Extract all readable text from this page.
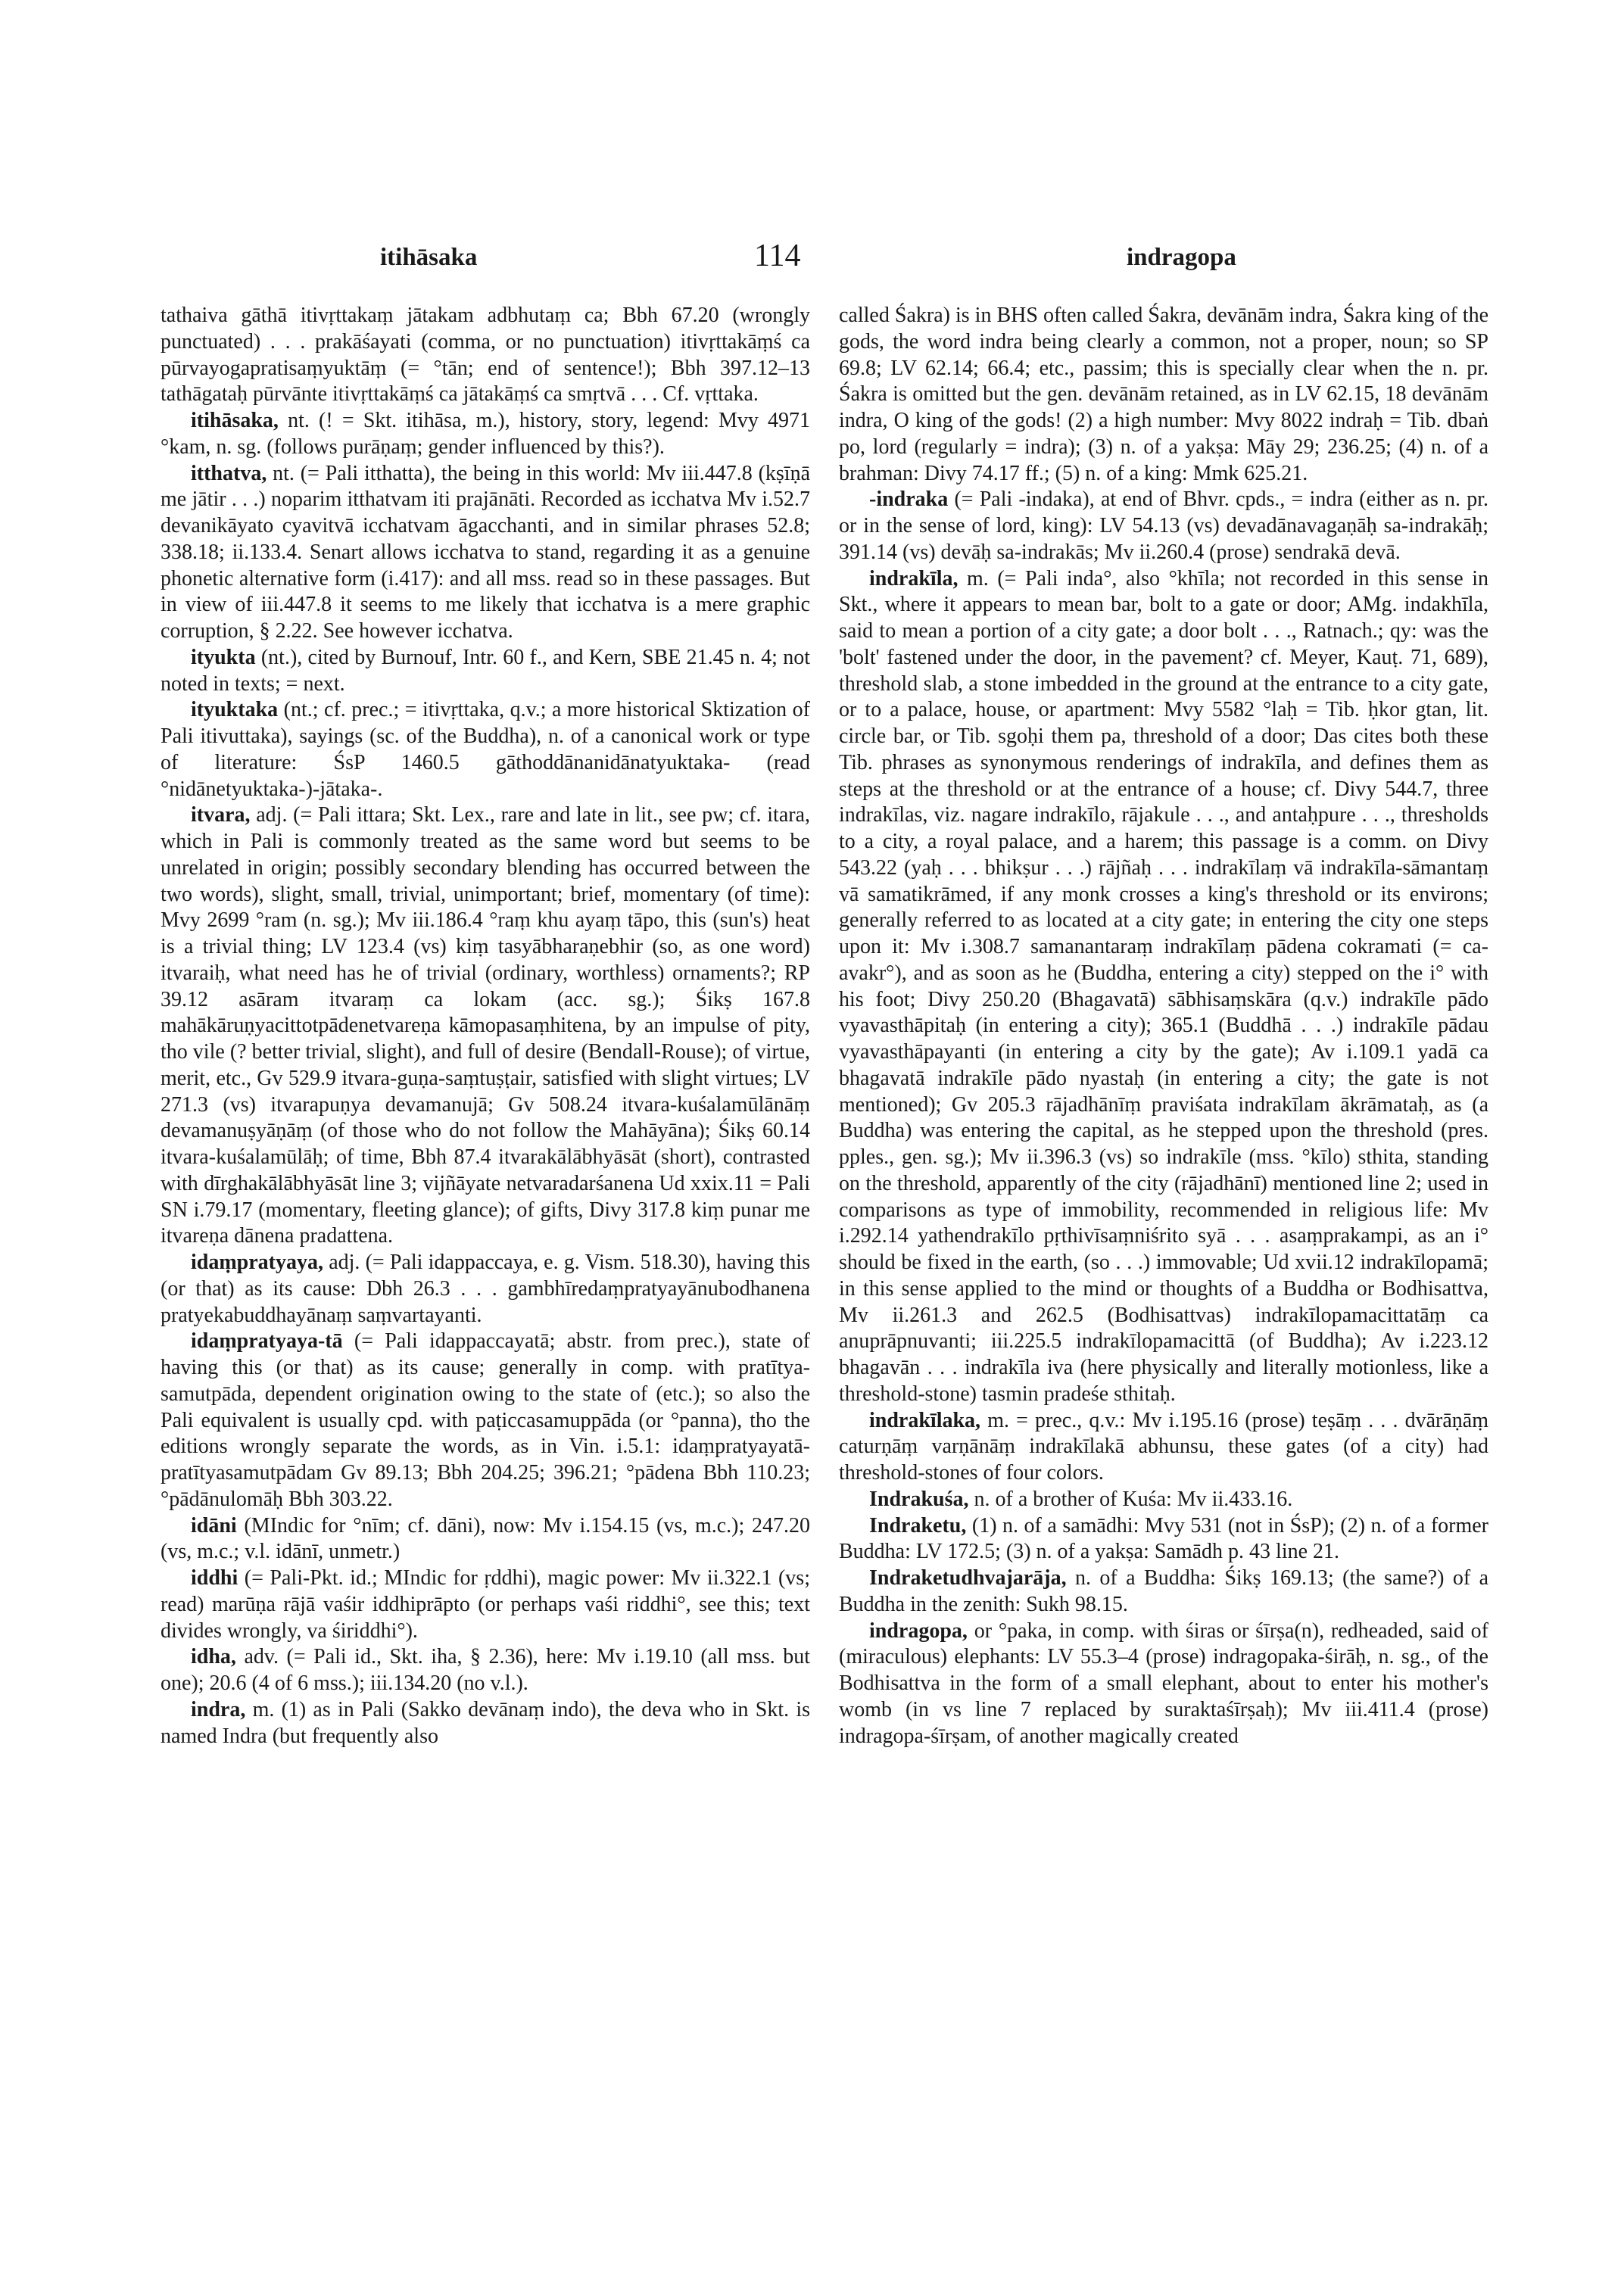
itihāsaka	114	indragopa

tathaiva gāthā itivṛttakaṃ jātakam adbhutaṃ ca; Bbh 67.20 (wrongly punctuated) . . . prakāśayati (comma, or no punctuation) itivṛttakāṃś ca pūrvayogapratisaṃyuktāṃ (= °tān; end of sentence!); Bbh 397.12–13 tathāgataḥ pūrvānte itivṛttakāṃś ca jātakāṃś ca smṛtvā . . . Cf. vṛttaka.

itihāsaka, nt. (! = Skt. itihāsa, m.), history, story, legend: Mvy 4971 °kam, n. sg. (follows purāṇaṃ; gender influenced by this?).

itthatva, nt. (= Pali itthatta), the being in this world: Mv iii.447.8 (kṣīṇā me jātir . . .) noparim itthatvam iti prajānāti. Recorded as icchatva Mv i.52.7 devanikāyato cyavitvā icchatvam āgacchanti, and in similar phrases 52.8; 338.18; ii.133.4. Senart allows icchatva to stand, regarding it as a genuine phonetic alternative form (i.417): and all mss. read so in these passages. But in view of iii.447.8 it seems to me likely that icchatva is a mere graphic corruption, § 2.22. See however icchatva.

ityukta (nt.), cited by Burnouf, Intr. 60 f., and Kern, SBE 21.45 n. 4; not noted in texts; = next.

ityuktaka (nt.; cf. prec.; = itivṛttaka, q.v.; a more historical Sktization of Pali itivuttaka), sayings (sc. of the Buddha), n. of a canonical work or type of literature: ŚsP 1460.5 gāthoddānanidānatyuktaka- (read °nidānetyuktaka-)-jātaka-.

itvara, adj. (= Pali ittara; Skt. Lex., rare and late in lit., see pw; cf. itara, which in Pali is commonly treated as the same word but seems to be unrelated in origin; possibly secondary blending has occurred between the two words), slight, small, trivial, unimportant; brief, momentary (of time): Mvy 2699 °ram (n. sg.); Mv iii.186.4 °raṃ khu ayaṃ tāpo, this (sun's) heat is a trivial thing; LV 123.4 (vs) kiṃ tasyābharaṇebhir (so, as one word) itvaraiḥ, what need has he of trivial (ordinary, worthless) ornaments?; RP 39.12 asāram itvaraṃ ca lokam (acc. sg.); Śikṣ 167.8 mahākāruṇyacittotpādenetvareṇa kāmopasaṃhitena, by an impulse of pity, tho vile (? better trivial, slight), and full of desire (Bendall-Rouse); of virtue, merit, etc., Gv 529.9 itvara-guṇa-saṃtuṣṭair, satisfied with slight virtues; LV 271.3 (vs) itvarapuṇya devamanujā; Gv 508.24 itvara-kuśalamūlānāṃ devamanuṣyāṇāṃ (of those who do not follow the Mahāyāna); Śikṣ 60.14 itvara-kuśalamūlāḥ; of time, Bbh 87.4 itvarakālābhyāsāt (short), contrasted with dīrghakālābhyāsāt line 3; vijñāyate netvaradarśanena Ud xxix.11 = Pali SN i.79.17 (momentary, fleeting glance); of gifts, Divy 317.8 kiṃ punar me itvareṇa dānena pradattena.

idaṃpratyaya, adj. (= Pali idappaccaya, e. g. Vism. 518.30), having this (or that) as its cause: Dbh 26.3 . . . gambhīredaṃpratyayānubodhanena pratyekabuddhayānaṃ saṃvartayanti.

idaṃpratyaya-tā (= Pali idappaccayatā; abstr. from prec.), state of having this (or that) as its cause; generally in comp. with pratītya-samutpāda, dependent origination owing to the state of (etc.); so also the Pali equivalent is usually cpd. with paṭiccasamuppāda (or °panna), tho the editions wrongly separate the words, as in Vin. i.5.1: idaṃpratyayatā-pratītyasamutpādam Gv 89.13; Bbh 204.25; 396.21; °pādena Bbh 110.23; °pādānulomāḥ Bbh 303.22.

idāni (MIndic for °nīm; cf. dāni), now: Mv i.154.15 (vs, m.c.); 247.20 (vs, m.c.; v.l. idānī, unmetr.)

iddhi (= Pali-Pkt. id.; MIndic for ṛddhi), magic power: Mv ii.322.1 (vs; read) marūṇa rājā vaśir iddhiprāpto (or perhaps vaśi riddhi°, see this; text divides wrongly, va śiriddhi°).

idha, adv. (= Pali id., Skt. iha, § 2.36), here: Mv i.19.10 (all mss. but one); 20.6 (4 of 6 mss.); iii.134.20 (no v.l.).

indra, m. (1) as in Pali (Sakko devānaṃ indo), the deva who in Skt. is named Indra (but frequently also

called Śakra) is in BHS often called Śakra, devānām indra, Śakra king of the gods, the word indra being clearly a common, not a proper, noun; so SP 69.8; LV 62.14; 66.4; etc., passim; this is specially clear when the n. pr. Śakra is omitted but the gen. devānām retained, as in LV 62.15, 18 devānām indra, O king of the gods! (2) a high number: Mvy 8022 indraḥ = Tib. dbaṅ po, lord (regularly = indra); (3) n. of a yakṣa: Māy 29; 236.25; (4) n. of a brahman: Divy 74.17 ff.; (5) n. of a king: Mmk 625.21.

-indraka (= Pali -indaka), at end of Bhvr. cpds., = indra (either as n. pr. or in the sense of lord, king): LV 54.13 (vs) devadānavagaṇāḥ sa-indrakāḥ; 391.14 (vs) devāḥ sa-indrakās; Mv ii.260.4 (prose) sendrakā devā.

indrakīla, m. (= Pali inda°, also °khīla; not recorded in this sense in Skt., where it appears to mean bar, bolt to a gate or door; AMg. indakhīla, said to mean a portion of a city gate; a door bolt . . ., Ratnach.; qy: was the 'bolt' fastened under the door, in the pavement? cf. Meyer, Kauṭ. 71, 689), threshold slab, a stone imbedded in the ground at the entrance to a city gate, or to a palace, house, or apartment: Mvy 5582 °laḥ = Tib. ḥkor gtan, lit. circle bar, or Tib. sgoḥi them pa, threshold of a door; Das cites both these Tib. phrases as synonymous renderings of indrakīla, and defines them as steps at the threshold or at the entrance of a house; cf. Divy 544.7, three indrakīlas, viz. nagare indrakīlo, rājakule . . ., and antaḥpure . . ., thresholds to a city, a royal palace, and a harem; this passage is a comm. on Divy 543.22 (yaḥ . . . bhikṣur . . .) rājñaḥ . . . indrakīlaṃ vā indrakīla-sāmantaṃ vā samatikrāmed, if any monk crosses a king's threshold or its environs; generally referred to as located at a city gate; in entering the city one steps upon it: Mv i.308.7 samanantaraṃ indrakīlaṃ pādena cokramati (= ca-avakr°), and as soon as he (Buddha, entering a city) stepped on the i° with his foot; Divy 250.20 (Bhagavatā) sābhisaṃskāra (q.v.) indrakīle pādo vyavasthāpitaḥ (in entering a city); 365.1 (Buddhā . . .) indrakīle pādau vyavasthāpayanti (in entering a city by the gate); Av i.109.1 yadā ca bhagavatā indrakīle pādo nyastaḥ (in entering a city; the gate is not mentioned); Gv 205.3 rājadhānīṃ praviśata indrakīlam ākrāmataḥ, as (a Buddha) was entering the capital, as he stepped upon the threshold (pres. pples., gen. sg.); Mv ii.396.3 (vs) so indrakīle (mss. °kīlo) sthita, standing on the threshold, apparently of the city (rājadhānī) mentioned line 2; used in comparisons as type of immobility, recommended in religious life: Mv i.292.14 yathendrakīlo pṛthivīsaṃniśrito syā . . . asaṃprakampi, as an i° should be fixed in the earth, (so . . .) immovable; Ud xvii.12 indrakīlopamā; in this sense applied to the mind or thoughts of a Buddha or Bodhisattva, Mv ii.261.3 and 262.5 (Bodhisattvas) indrakīlopamacittatāṃ ca anuprāpnuvanti; iii.225.5 indrakīlopamacittā (of Buddha); Av i.223.12 bhagavān . . . indrakīla iva (here physically and literally motionless, like a threshold-stone) tasmin pradeśe sthitaḥ.

indrakīlaka, m. = prec., q.v.: Mv i.195.16 (prose) teṣāṃ . . . dvārāṇāṃ caturṇāṃ varṇānāṃ indrakīlakā abhunsu, these gates (of a city) had threshold-stones of four colors.

Indrakuśa, n. of a brother of Kuśa: Mv ii.433.16.

Indraketu, (1) n. of a samādhi: Mvy 531 (not in ŚsP); (2) n. of a former Buddha: LV 172.5; (3) n. of a yakṣa: Samādh p. 43 line 21.

Indraketudhvajarāja, n. of a Buddha: Śikṣ 169.13; (the same?) of a Buddha in the zenith: Sukh 98.15.

indragopa, or °paka, in comp. with śiras or śīrṣa(n), redheaded, said of (miraculous) elephants: LV 55.3–4 (prose) indragopaka-śirāḥ, n. sg., of the Bodhisattva in the form of a small elephant, about to enter his mother's womb (in vs line 7 replaced by suraktaśīrṣaḥ); Mv iii.411.4 (prose) indragopa-śīrṣam, of another magically created
